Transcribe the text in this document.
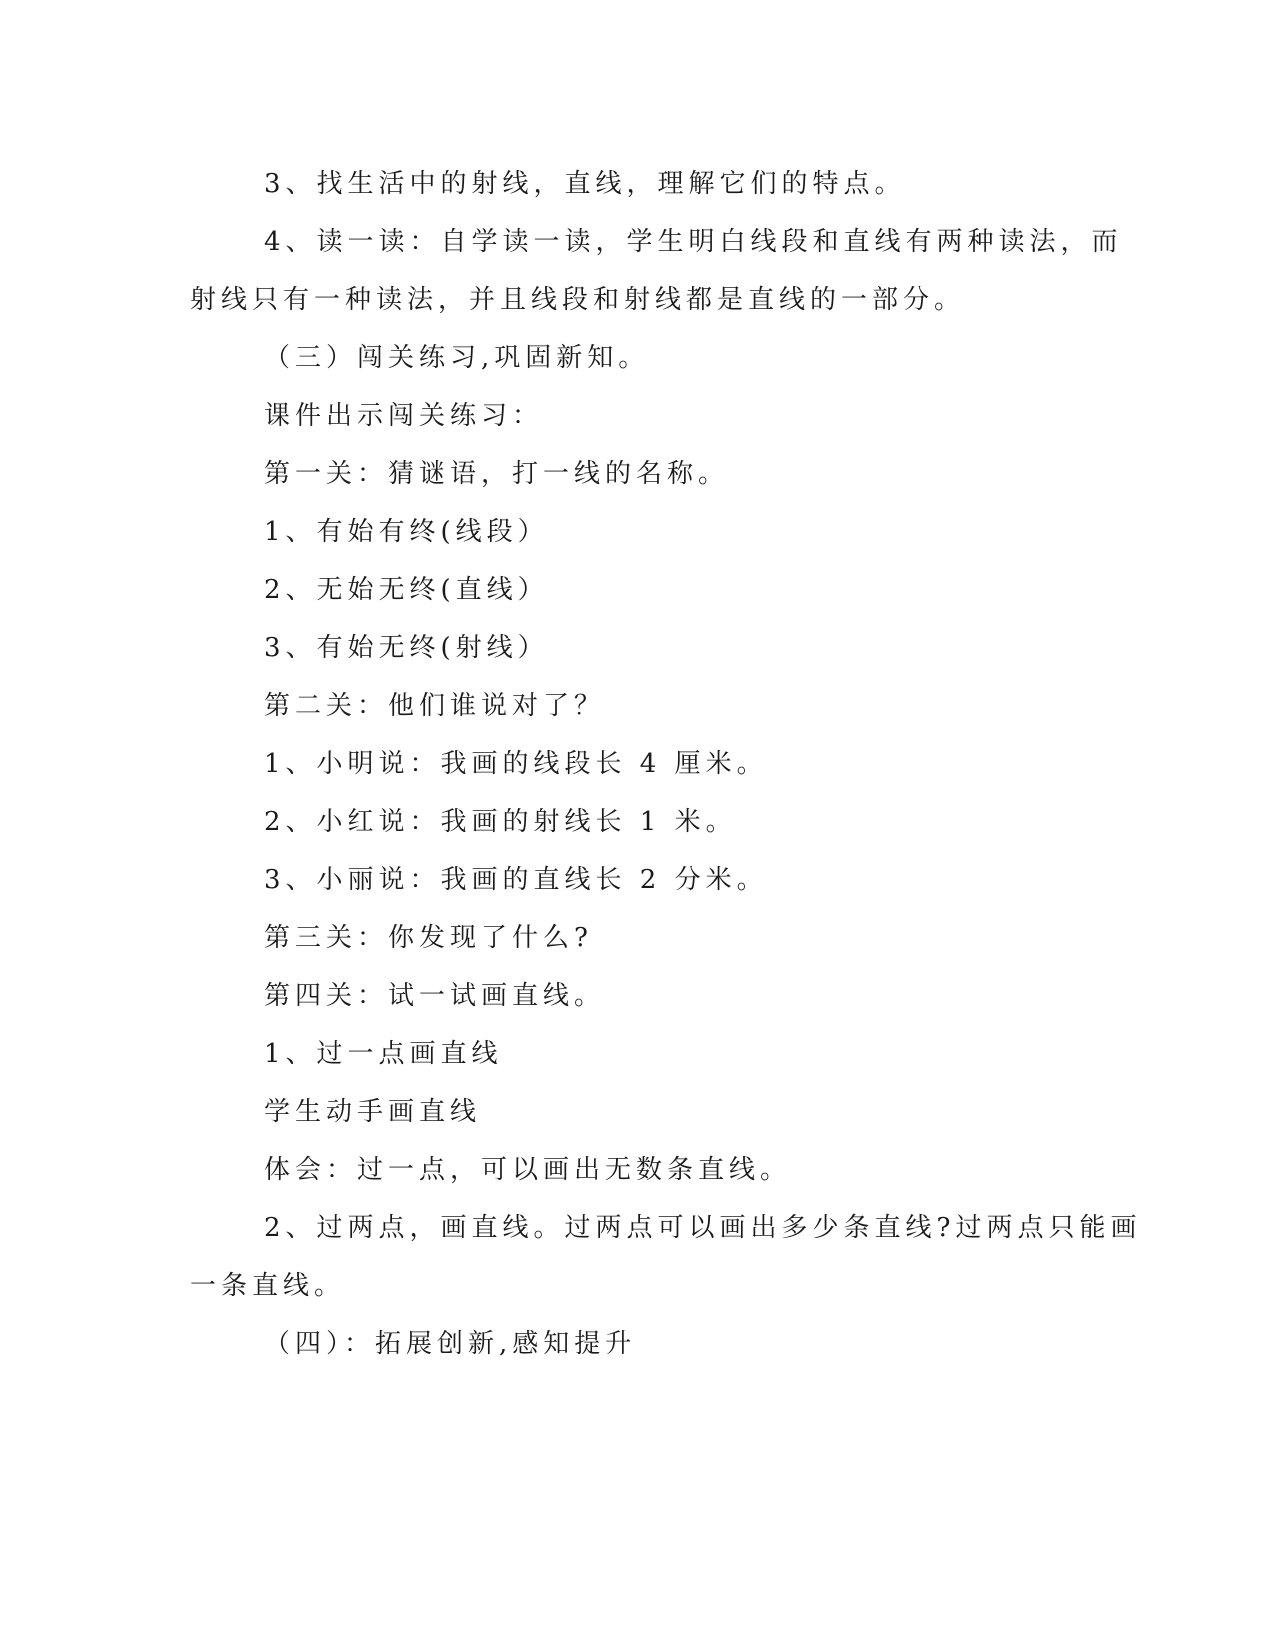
3、找生活中的射线，直线，理解它们的特点。
4、读一读：自学读一读，学生明白线段和直线有两种读法，而
射线只有一种读法，并且线段和射线都是直线的一部分。
（三）闯关练习,巩固新知。
课件出示闯关练习：
第一关：猜谜语，打一线的名称。
1、有始有终(线段）
2、无始无终(直线）
3、有始无终(射线）
第二关：他们谁说对了？
1、小明说：我画的线段长 4 厘米。
2、小红说：我画的射线长 1 米。
3、小丽说：我画的直线长 2 分米。
第三关：你发现了什么?
第四关：试一试画直线。
1、过一点画直线
学生动手画直线
体会：过一点，可以画出无数条直线。
2、过两点，画直线。过两点可以画出多少条直线?过两点只能画
一条直线。
（四）：拓展创新,感知提升
